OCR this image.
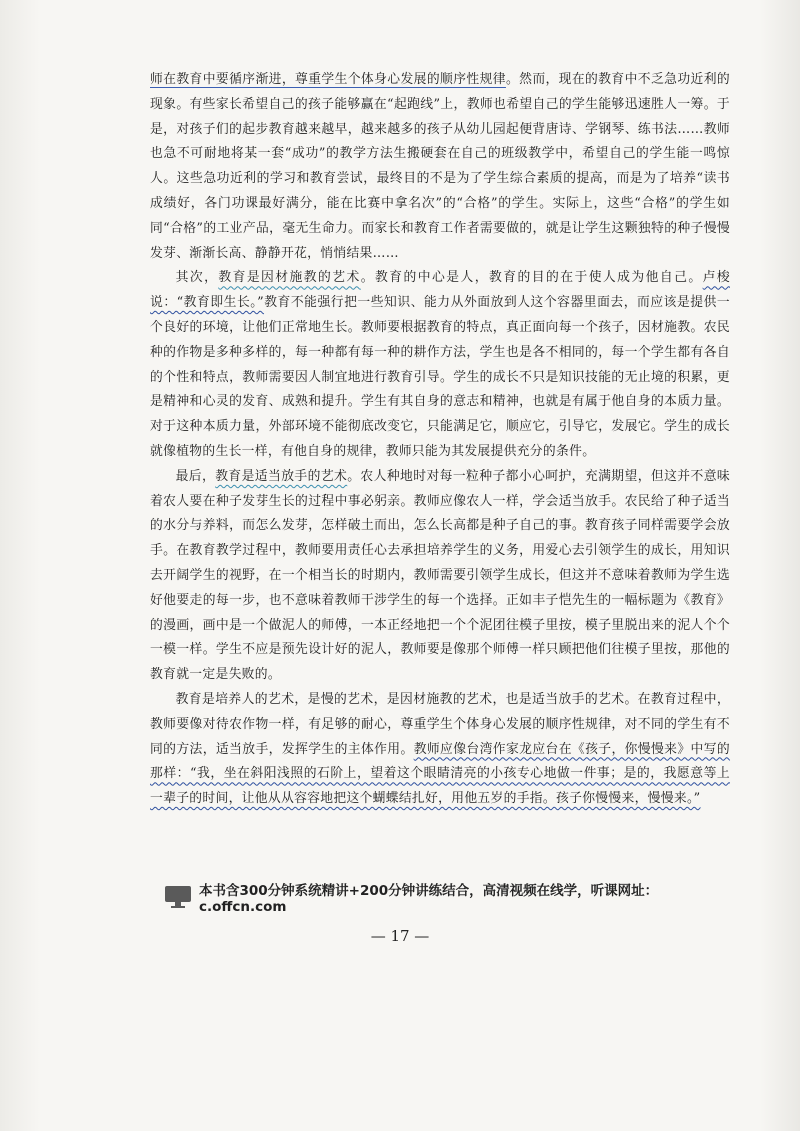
师在教育中要循序渐进，尊重学生个体身心发展的顺序性规律。然而，现在的教育中不乏急功近利的现象。有些家长希望自己的孩子能够赢在“起跑线”上，教师也希望自己的学生能够迅速胜人一筹。于是，对孩子们的起步教育越来越早，越来越多的孩子从幼儿园起便背唐诗、学钢琴、练书法……教师也急不可耐地将某一套“成功”的教学方法生搬硬套在自己的班级教学中，希望自己的学生能一鸣惊人。这些急功近利的学习和教育尝试，最终目的不是为了学生综合素质的提高，而是为了培养“读书成绩好，各门功课最好满分，能在比赛中拿名次”的“合格”的学生。实际上，这些“合格”的学生如同“合格”的工业产品，毫无生命力。而家长和教育工作者需要做的，就是让学生这颗独特的种子慢慢发芽、渐渐长高、静静开花，悄悄结果……

其次，教育是因材施教的艺术。教育的中心是人，教育的目的在于使人成为他自己。卢梭说：“教育即生长。”教育不能强行把一些知识、能力从外面放到人这个容器里面去，而应该是提供一个良好的环境，让他们正常地生长。教师要根据教育的特点，真正面向每一个孩子，因材施教。农民种的作物是多种多样的，每一种都有每一种的耕作方法，学生也是各不相同的，每一个学生都有各自的个性和特点，教师需要因人制宜地进行教育引导。学生的成长不只是知识技能的无止境的积累，更是精神和心灵的发育、成熟和提升。学生有其自身的意志和精神，也就是有属于他自身的本质力量。对于这种本质力量，外部环境不能彻底改变它，只能满足它，顺应它，引导它，发展它。学生的成长就像植物的生长一样，有他自身的规律，教师只能为其发展提供充分的条件。

最后，教育是适当放手的艺术。农人种地时对每一粒种子都小心呵护，充满期望，但这并不意味着农人要在种子发芽生长的过程中事必躬亲。教师应像农人一样，学会适当放手。农民给了种子适当的水分与养料，而怎么发芽，怎样破土而出，怎么长高都是种子自己的事。教育孩子同样需要学会放手。在教育教学过程中，教师要用责任心去承担培养学生的义务，用爱心去引领学生的成长，用知识去开阔学生的视野，在一个相当长的时期内，教师需要引领学生成长，但这并不意味着教师为学生选好他要走的每一步，也不意味着教师干涉学生的每一个选择。正如丰子恺先生的一幅标题为《教育》的漫画，画中是一个做泥人的师傅，一本正经地把一个个泥团往模子里按，模子里脱出来的泥人个个一模一样。学生不应是预先设计好的泥人，教师要是像那个师傅一样只顾把他们往模子里按，那他的教育就一定是失败的。

教育是培养人的艺术，是慢的艺术，是因材施教的艺术，也是适当放手的艺术。在教育过程中，教师要像对待农作物一样，有足够的耐心，尊重学生个体身心发展的顺序性规律，对不同的学生有不同的方法，适当放手，发挥学生的主体作用。教师应像台湾作家龙应台在《孩子，你慢慢来》中写的那样：“我，坐在斜阳浅照的石阶上，望着这个眼睛清亮的小孩专心地做一件事；是的，我愿意等上一辈子的时间，让他从从容容地把这个蝴蝶结扎好，用他五岁的手指。孩子你慢慢来，慢慢来。”

本书含300分钟系统精讲+200分钟讲练结合，高清视频在线学，听课网址：c.offcn.com
— 17 —
